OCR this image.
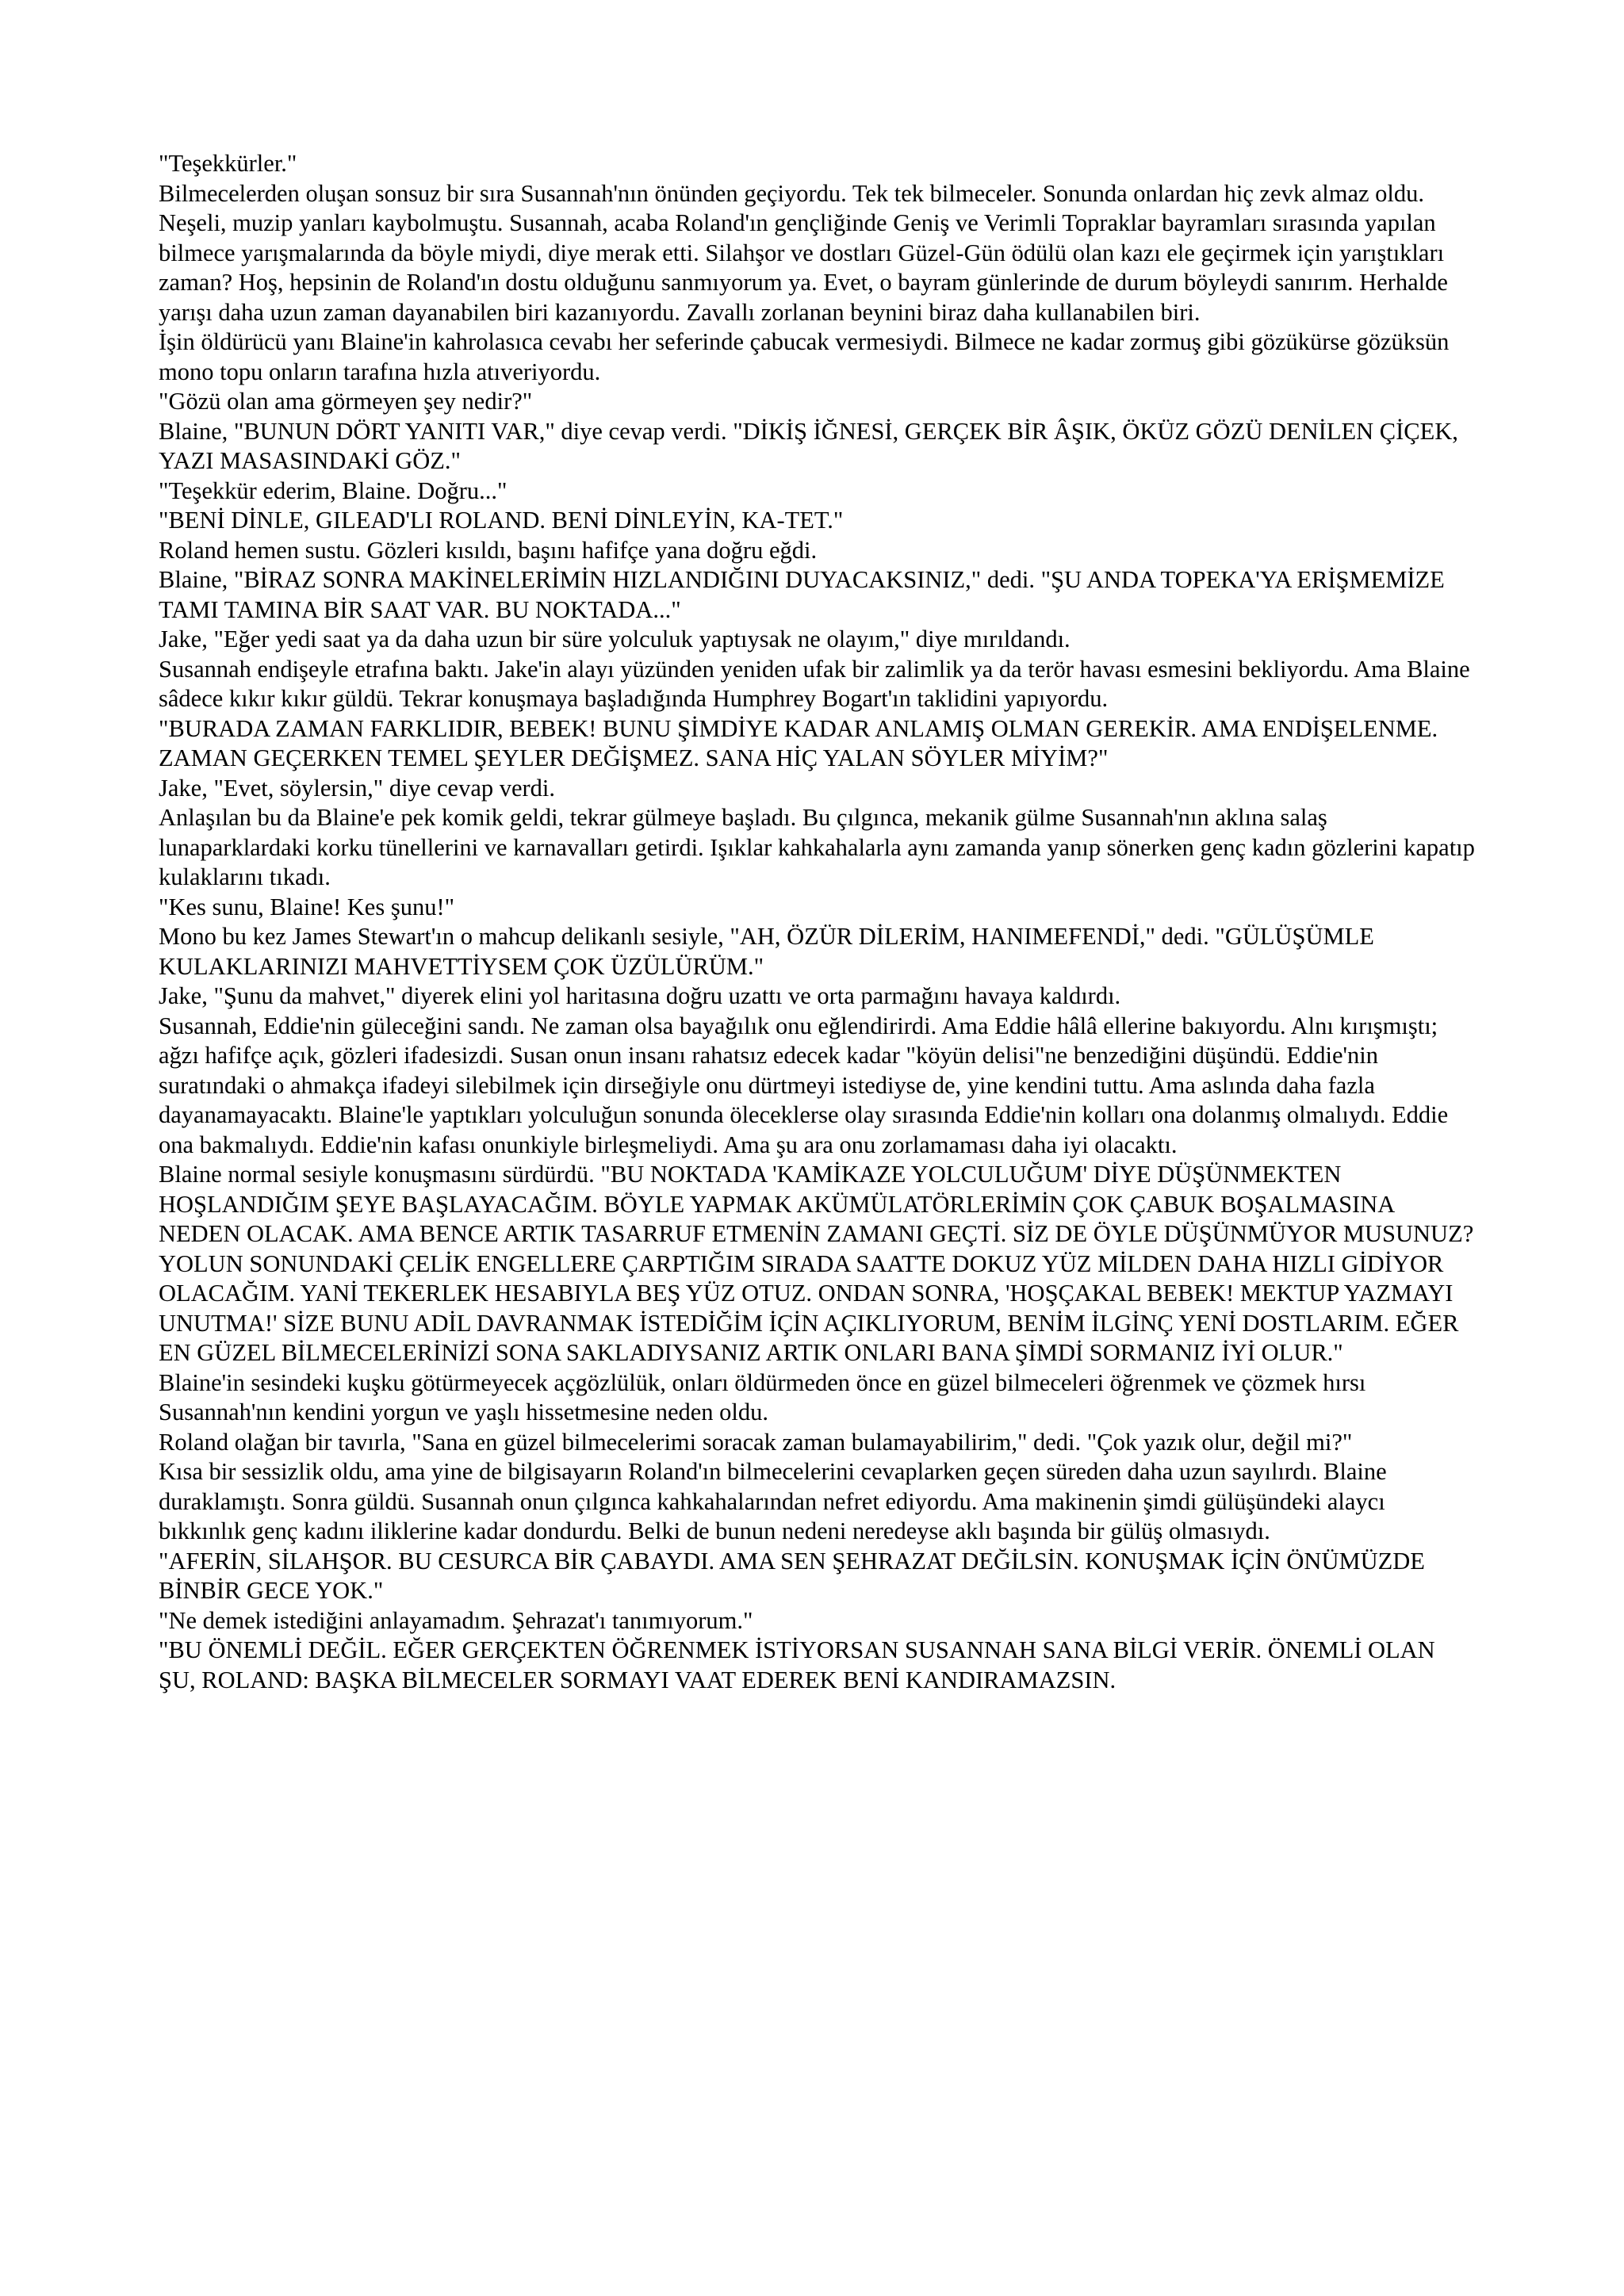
"Teşekkürler."

Bilmecelerden oluşan sonsuz bir sıra Susannah'nın önünden geçiyordu. Tek tek bilmeceler. Sonunda onlardan hiç zevk almaz oldu. Neşeli, muzip yanları kaybolmuştu. Susannah, acaba Roland'ın gençliğinde Geniş ve Verimli Topraklar bayramları sırasında yapılan bilmece yarışmalarında da böyle miydi, diye merak etti. Silahşor ve dostları Güzel-Gün ödülü olan kazı ele geçirmek için yarıştıkları zaman? Hoş, hepsinin de Roland'ın dostu olduğunu sanmıyorum ya. Evet, o bayram günlerinde de durum böyleydi sanırım. Herhalde yarışı daha uzun zaman dayanabilen biri kazanıyordu. Zavallı zorlanan beynini biraz daha kullanabilen biri.

İşin öldürücü yanı Blaine'in kahrolasıca cevabı her seferinde çabucak vermesiydi. Bilmece ne kadar zormuş gibi gözükürse gözüksün mono topu onların tarafına hızla atıveriyordu.

"Gözü olan ama görmeyen şey nedir?"

Blaine, "BUNUN DÖRT YANITI VAR," diye cevap verdi. "DİKİŞ İĞNESİ, GERÇEK BİR ÂŞIK, ÖKÜZ GÖZÜ DENİLEN ÇİÇEK, YAZI MASASINDAKİ GÖZ."

"Teşekkür ederim, Blaine. Doğru..."

"BENİ DİNLE, GILEAD'LI ROLAND. BENİ DİNLEYİN, KA-TET."

Roland hemen sustu. Gözleri kısıldı, başını hafifçe yana doğru eğdi.

Blaine, "BİRAZ SONRA MAKİNELERİMİN HIZLANDIĞINI DUYACAKSINIZ," dedi. "ŞU ANDA TOPEKA'YA ERİŞMEMİZE TAMI TAMINA BİR SAAT VAR. BU NOKTADA..."

Jake, "Eğer yedi saat ya da daha uzun bir süre yolculuk yaptıysak ne olayım," diye mırıldandı.

Susannah endişeyle etrafına baktı. Jake'in alayı yüzünden yeniden ufak bir zalimlik ya da terör havası esmesini bekliyordu. Ama Blaine sâdece kıkır kıkır güldü. Tekrar konuşmaya başladığında Humphrey Bogart'ın taklidini yapıyordu.

"BURADA ZAMAN FARKLIDIR, BEBEK! BUNU ŞİMDİYE KADAR ANLAMIŞ OLMAN GEREKİR. AMA ENDİŞELENME. ZAMAN GEÇERKEN TEMEL ŞEYLER DEĞİŞMEZ. SANA HİÇ YALAN SÖYLER MİYİM?"

Jake, "Evet, söylersin," diye cevap verdi.

Anlaşılan bu da Blaine'e pek komik geldi, tekrar gülmeye başladı. Bu çılgınca, mekanik gülme Susannah'nın aklına salaş lunaparklardaki korku tünellerini ve karnavalları getirdi. Işıklar kahkahalarla aynı zamanda yanıp sönerken genç kadın gözlerini kapatıp kulaklarını tıkadı.

"Kes sunu, Blaine! Kes şunu!"

Mono bu kez James Stewart'ın o mahcup delikanlı sesiyle, "AH, ÖZÜR DİLERİM, HANIMEFENDİ," dedi. "GÜLÜŞÜMLE KULAKLARINIZI MAHVETTİYSEM ÇOK ÜZÜLÜRÜM."

Jake, "Şunu da mahvet," diyerek elini yol haritasına doğru uzattı ve orta parmağını havaya kaldırdı.

Susannah, Eddie'nin güleceğini sandı. Ne zaman olsa bayağılık onu eğlendirirdi. Ama Eddie hâlâ ellerine bakıyordu. Alnı kırışmıştı; ağzı hafifçe açık, gözleri ifadesizdi. Susan onun insanı rahatsız edecek kadar "köyün delisi"ne benzediğini düşündü. Eddie'nin suratındaki o ahmakça ifadeyi silebilmek için dirseğiyle onu dürtmeyi istediyse de, yine kendini tuttu. Ama aslında daha fazla dayanamayacaktı. Blaine'le yaptıkları yolculuğun sonunda öleceklerse olay sırasında Eddie'nin kolları ona dolanmış olmalıydı. Eddie ona bakmalıydı. Eddie'nin kafası onunkiyle birleşmeliydi. Ama şu ara onu zorlamaması daha iyi olacaktı.

Blaine normal sesiyle konuşmasını sürdürdü. "BU NOKTADA 'KAMİKAZE YOLCULUĞUM' DİYE DÜŞÜNMEKTEN HOŞLANDIĞIM ŞEYE BAŞLAYACAĞIM. BÖYLE YAPMAK AKÜMÜLATÖRLERİMİN ÇOK ÇABUK BOŞALMASINA NEDEN OLACAK. AMA BENCE ARTIK TASARRUF ETMENİN ZAMANI GEÇTİ. SİZ DE ÖYLE DÜŞÜNMÜYOR MUSUNUZ? YOLUN SONUNDAKİ ÇELİK ENGELLERE ÇARPTIĞIM SIRADA SAATTE DOKUZ YÜZ MİLDEN DAHA HIZLI GİDİYOR OLACAĞIM. YANİ TEKERLEK HESABIYLA BEŞ YÜZ OTUZ. ONDAN SONRA, 'HOŞÇAKAL BEBEK! MEKTUP YAZMAYI UNUTMA!' SİZE BUNU ADİL DAVRANMAK İSTEDİĞİM İÇİN AÇIKLIYORUM, BENİM İLGİNÇ YENİ DOSTLARIM. EĞER EN GÜZEL BİLMECELERİNİZİ SONA SAKLADIYSANIZ ARTIK ONLARI BANA ŞİMDİ SORMANIZ İYİ OLUR."

Blaine'in sesindeki kuşku götürmeyecek açgözlülük, onları öldürmeden önce en güzel bilmeceleri öğrenmek ve çözmek hırsı Susannah'nın kendini yorgun ve yaşlı hissetmesine neden oldu.

Roland olağan bir tavırla, "Sana en güzel bilmecelerimi soracak zaman bulamayabilirim," dedi. "Çok yazık olur, değil mi?"

Kısa bir sessizlik oldu, ama yine de bilgisayarın Roland'ın bilmecelerini cevaplarken geçen süreden daha uzun sayılırdı. Blaine duraklamıştı. Sonra güldü. Susannah onun çılgınca kahkahalarından nefret ediyordu. Ama makinenin şimdi gülüşündeki alaycı bıkkınlık genç kadını iliklerine kadar dondurdu. Belki de bunun nedeni neredeyse aklı başında bir gülüş olmasıydı.

"AFERİN, SİLAHŞOR. BU CESURCA BİR ÇABAYDI. AMA SEN ŞEHRAZAT DEĞİLSİN. KONUŞMAK İÇİN ÖNÜMÜZDE BİNBİR GECE YOK."

"Ne demek istediğini anlayamadım. Şehrazat'ı tanımıyorum."

"BU ÖNEMLİ DEĞİL. EĞER GERÇEKTEN ÖĞRENMEK İSTİYORSAN SUSANNAH SANA BİLGİ VERİR. ÖNEMLİ OLAN ŞU, ROLAND: BAŞKA BİLMECELER SORMAYI VAAT EDEREK BENİ KANDIRAMAZSIN.
